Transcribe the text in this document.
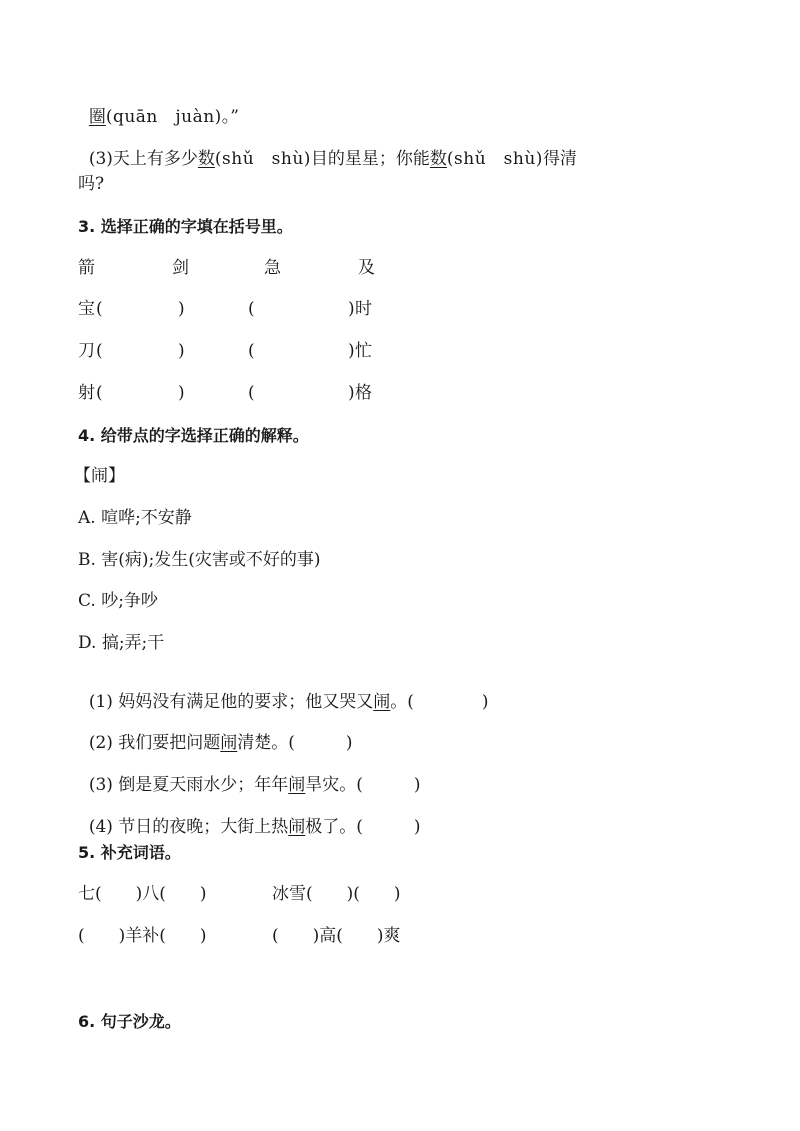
圈(quān　juàn)。”

(3)天上有多少数(shǔ　shù)目的星星；你能数(shǔ　shù)得清

吗?
3. 选择正确的字填在括号里。
箭	剑	急	及
宝 (	)	(	) 时
刀 (	)	(	) 忙
射 (	)	(	) 格
4. 给带点的字选择正确的解释。
【闹】
A. 喧哗;不安静
B. 害(病);发生(灾害或不好的事)
C. 吵;争吵
D. 搞;弄;干

(1) 妈妈没有满足他的要求；他又哭又闹。(　　　　)

(2) 我们要把问题闹清楚。(　　　)

(3) 倒是夏天雨水少；年年闹旱灾。(　　　)

(4) 节日的夜晚；大街上热闹极了。(　　　)

5. 补充词语。
七(　　)八(　　)	冰雪(　　)(　　)
(　　)羊补(　　)	(　　)高(　　)爽
6. 句子沙龙。
